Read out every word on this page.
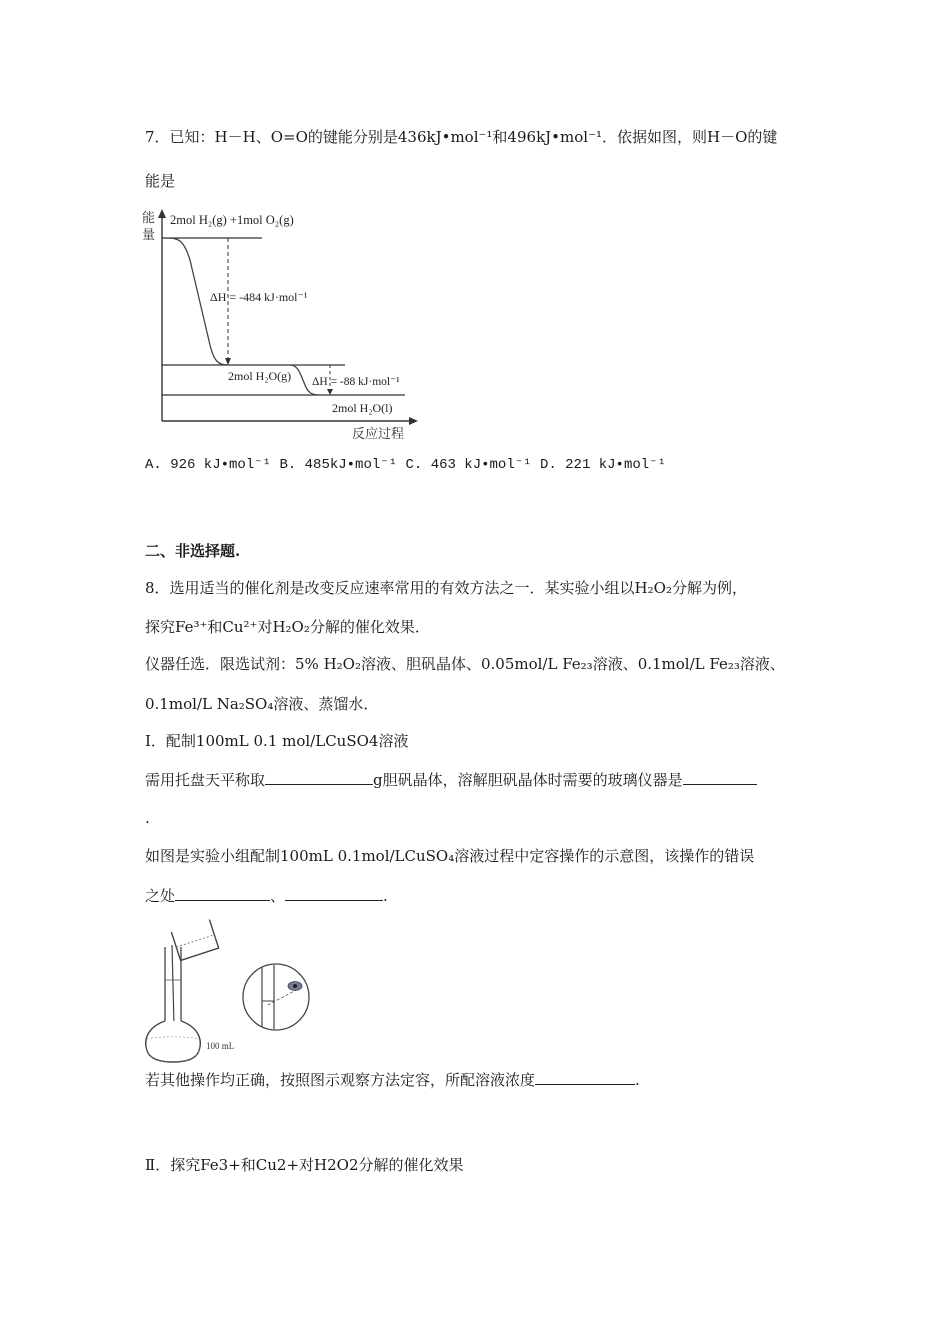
7．已知：H－H、O=O的键能分别是436kJ•mol⁻¹和496kJ•mol⁻¹．依据如图，则H－O的键
能是
能
量
反应过程
2mol H₂(g) +1mol O₂(g)
ΔH = -484 kJ·mol⁻¹
2mol H₂O(g) ΔH = -88 kJ·mol⁻¹
2mol H₂O(l)
A. 926 kJ•mol⁻¹ B. 485kJ•mol⁻¹ C. 463 kJ•mol⁻¹ D. 221 kJ•mol⁻¹
二、非选择题.
8．选用适当的催化剂是改变反应速率常用的有效方法之一．某实验小组以H₂O₂分解为例，
探究Fe³⁺和Cu²⁺对H₂O₂分解的催化效果．
仪器任选．限选试剂：5% H₂O₂溶液、胆矾晶体、0.05mol/L Fe₂₃溶液、0.1mol/L Fe₂₃溶液、
0.1mol/L Na₂SO₄溶液、蒸馏水．
Ⅰ．配制100mL 0.1 mol/LCuSO4溶液
需用托盘天平称取	g胆矾晶体，溶解胆矾晶体时需要的玻璃仪器是
.
如图是实验小组配制100mL 0.1mol/LCuSO₄溶液过程中定容操作的示意图，该操作的错误
之处	、	.
100 mL
若其他操作均正确，按照图示观察方法定容，所配溶液浓度	.
Ⅱ．探究Fe3+和Cu2+对H2O2分解的催化效果
